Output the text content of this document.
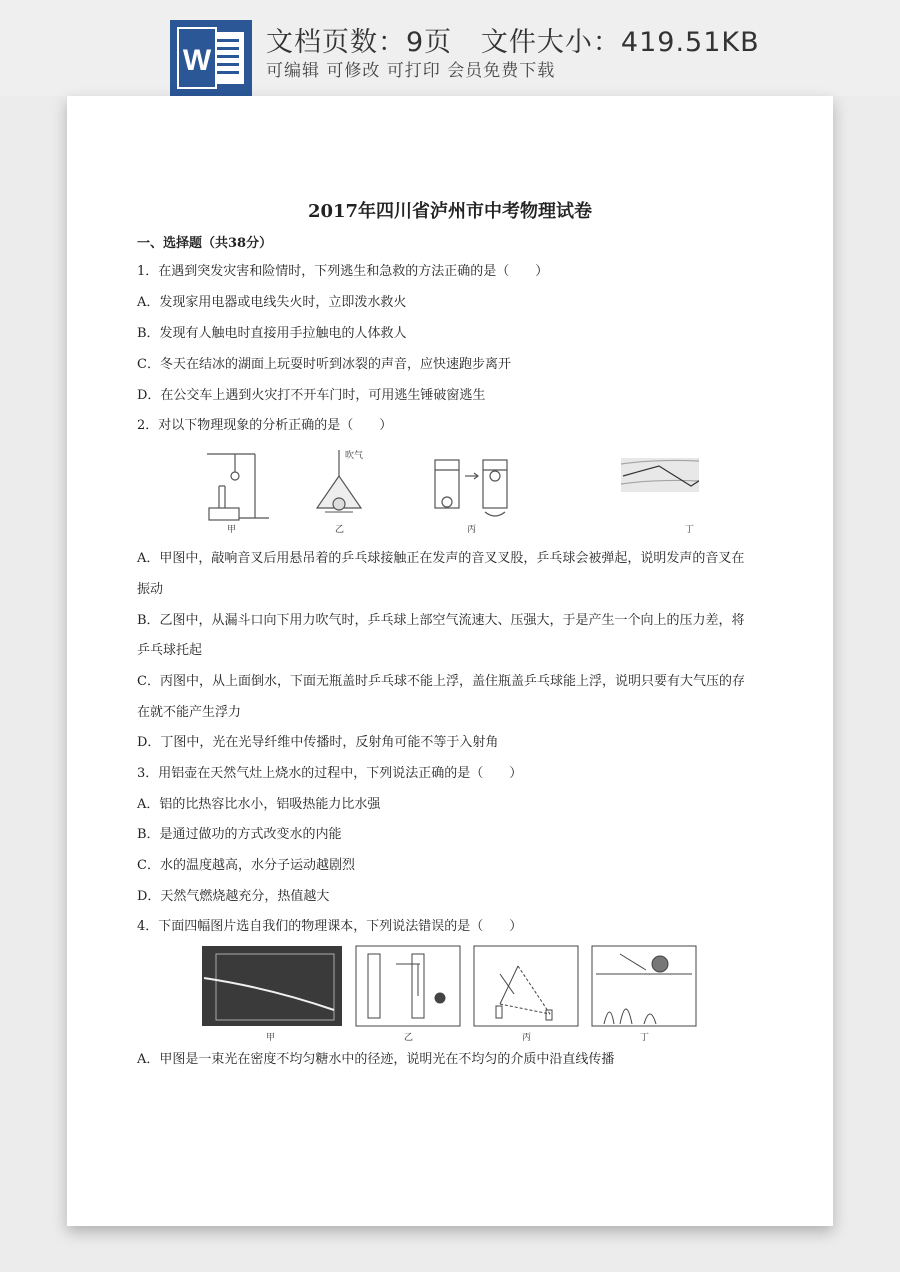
W
文档页数：9页   文件大小：419.51KB
可编辑 可修改 可打印 会员免费下载
2017年四川省泸州市中考物理试卷
一、选择题（共38分）
1．在遇到突发灾害和险情时，下列逃生和急救的方法正确的是（　　）
A．发现家用电器或电线失火时，立即泼水救火
B．发现有人触电时直接用手拉触电的人体救人
C．冬天在结冰的湖面上玩耍时听到冰裂的声音，应快速跑步离开
D．在公交车上遇到火灾打不开车门时，可用逃生锤破窗逃生
2．对以下物理现象的分析正确的是（　　）
甲
吹气
乙	丙	丁
A．甲图中，敲响音叉后用悬吊着的乒乓球接触正在发声的音叉叉股，乒乓球会被弹起，说明发声的音叉在
振动
B．乙图中，从漏斗口向下用力吹气时，乒乓球上部空气流速大、压强大，于是产生一个向上的压力差，将
乒乓球托起
C．丙图中，从上面倒水，下面无瓶盖时乒乓球不能上浮，盖住瓶盖乒乓球能上浮，说明只要有大气压的存
在就不能产生浮力
D．丁图中，光在光导纤维中传播时，反射角可能不等于入射角
3．用铝壶在天然气灶上烧水的过程中，下列说法正确的是（　　）
A．铝的比热容比水小，铝吸热能力比水强
B．是通过做功的方式改变水的内能
C．水的温度越高，水分子运动越剧烈
D．天然气燃烧越充分，热值越大
4．下面四幅图片选自我们的物理课本，下列说法错误的是（　　）
甲	乙	丙	丁
A．甲图是一束光在密度不均匀糖水中的径迹，说明光在不均匀的介质中沿直线传播
